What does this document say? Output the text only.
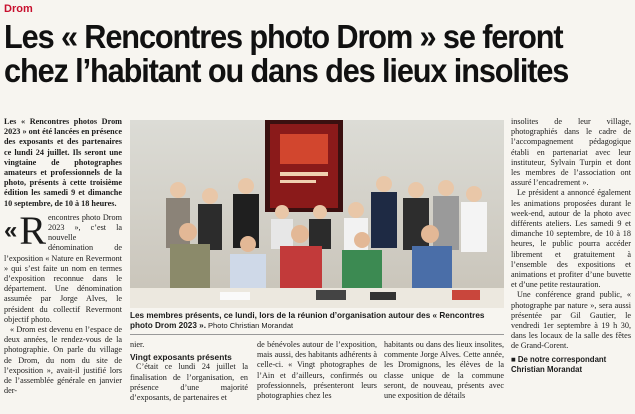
Drom
Les « Rencontres photo Drom » se feront
chez l’habitant ou dans des lieux insolites

Les « Rencontres photos Drom 2023 » ont été lancées en présence des exposants et des partenaires ce lundi 24 juillet. Ils seront une vingtaine de photographes amateurs et professionnels de la photo, présents à cette troisième édition les samedi 9 et dimanche 10 septembre, de 10 à 18 heures.

« R encontres photo Drom 2023 », c’est la nouvelle dénomination de l’exposition « Nature en Revermont » qui s’est faite un nom en termes d’exposition reconnue dans le département. Une dénomination assumée par Jorge Alves, le président du collectif Revermont objectif photo.

« Drom est devenu en l’espace de deux années, le rendez-vous de la photographie. On parle du village de Drom, du nom du site de l’exposition », avait-il justifié lors de l’assemblée générale en janvier der-

Les membres présents, ce lundi, lors de la réunion d’organisation autour des « Rencontres photo Drom 2023 ». Photo Christian Morandat

nier.

Vingt exposants présents

C’était ce lundi 24 juillet la finalisation de l’organisation, en présence d’une majorité d’exposants, de partenaires et

de bénévoles autour de l’exposition, mais aussi, des habitants adhérents à celle-ci. « Vingt photographes de l’Ain et d’ailleurs, confirmés ou professionnels, présenteront leurs photographies chez les

habitants ou dans des lieux insolites, commente Jorge Alves. Cette année, les Dromignons, les élèves de la classe unique de la commune seront, de nouveau, présents avec une exposition de détails

insolites de leur village, photographiés dans le cadre de l’accompagnement pédagogique établi en partenariat avec leur instituteur, Sylvain Turpin et dont les membres de l’association ont assuré l’encadrement ».

Le président a annoncé également les animations proposées durant le week-end, autour de la photo avec différents ateliers. Les samedi 9 et dimanche 10 septembre, de 10 à 18 heures, le public pourra accéder librement et gratuitement à l’ensemble des expositions et animations et profiter d’une buvette et d’une petite restauration.

Une conférence grand public, « photographe par nature », sera aussi présentée par Gil Gautier, le vendredi 1er septembre à 19 h 30, dans les locaux de la salle des fêtes de Grand-Corent.

■ De notre correspondant

Christian Morandat
